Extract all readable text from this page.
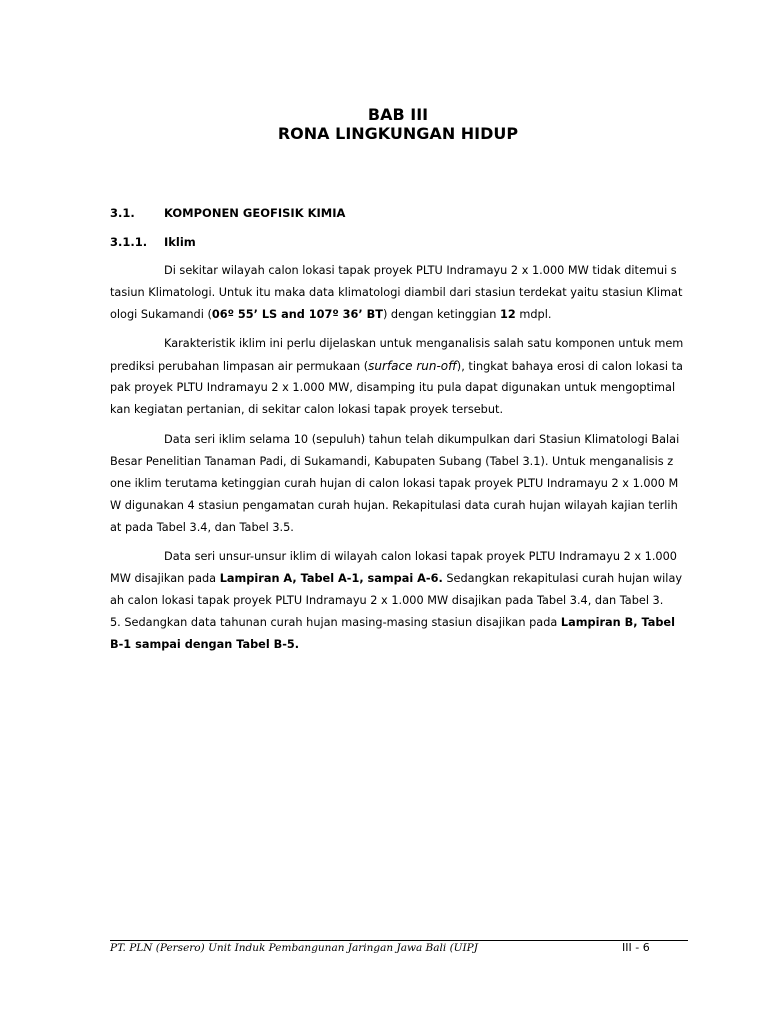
BAB III
RONA LINGKUNGAN HIDUP
3.1.	KOMPONEN GEOFISIK KIMIA
3.1.1. Iklim
Di sekitar wilayah calon lokasi tapak proyek PLTU Indramayu 2 x 1.000 MW tidak ditemui s
tasiun Klimatologi. Untuk itu maka data klimatologi diambil dari stasiun terdekat yaitu stasiun Klimat
ologi Sukamandi (06º 55’ LS and 107º 36’ BT) dengan ketinggian 12 mdpl.
Karakteristik iklim ini perlu dijelaskan untuk menganalisis salah satu komponen untuk mem
prediksi perubahan limpasan air permukaan (surface run-off), tingkat bahaya erosi di calon lokasi ta
pak proyek PLTU Indramayu 2 x 1.000 MW, disamping itu pula dapat digunakan untuk mengoptimal
kan kegiatan pertanian, di sekitar calon lokasi tapak proyek tersebut.
Data seri iklim selama 10 (sepuluh) tahun telah dikumpulkan dari Stasiun Klimatologi Balai
Besar Penelitian Tanaman Padi, di Sukamandi, Kabupaten Subang (Tabel 3.1). Untuk menganalisis z
one iklim terutama ketinggian curah hujan di calon lokasi tapak proyek PLTU Indramayu 2 x 1.000 M
W digunakan 4 stasiun pengamatan curah hujan. Rekapitulasi data curah hujan wilayah kajian terlih
at pada Tabel 3.4, dan Tabel 3.5.
Data seri unsur-unsur iklim di wilayah calon lokasi tapak proyek PLTU Indramayu 2 x 1.000
MW disajikan pada Lampiran A, Tabel A-1, sampai A-6. Sedangkan rekapitulasi curah hujan wilay
ah calon lokasi tapak proyek PLTU Indramayu 2 x 1.000 MW disajikan pada Tabel 3.4, dan Tabel 3.
5. Sedangkan data tahunan curah hujan masing-masing stasiun disajikan pada Lampiran B, Tabel
B-1 sampai dengan Tabel B-5.
PT. PLN (Persero) Unit Induk Pembangunan Jaringan Jawa Bali (UIPJ	III - 6
